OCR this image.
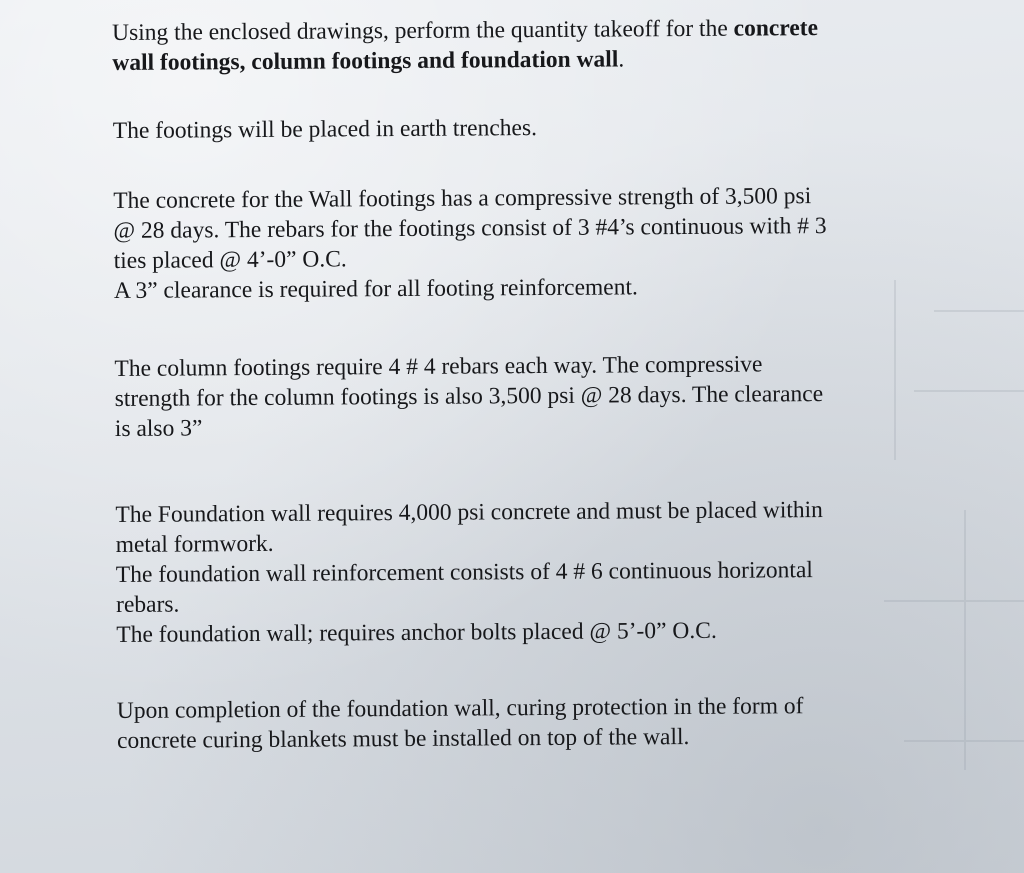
Using the enclosed drawings, perform the quantity takeoff for the concrete
wall footings, column footings and foundation wall.

The footings will be placed in earth trenches.

The concrete for the Wall footings has a compressive strength of 3,500 psi
@ 28 days. The rebars for the footings consist of 3 #4’s continuous with # 3
ties placed @ 4’-0” O.C.
A 3” clearance is required for all footing reinforcement.

The column footings require 4 # 4 rebars each way. The compressive
strength for the column footings is also 3,500 psi @ 28 days. The clearance
is also 3”

The Foundation wall requires 4,000 psi concrete and must be placed within
metal formwork.
The foundation wall reinforcement consists of 4 # 6 continuous horizontal
rebars.
The foundation wall; requires anchor bolts placed @ 5’-0” O.C.

Upon completion of the foundation wall, curing protection in the form of
concrete curing blankets must be installed on top of the wall.
